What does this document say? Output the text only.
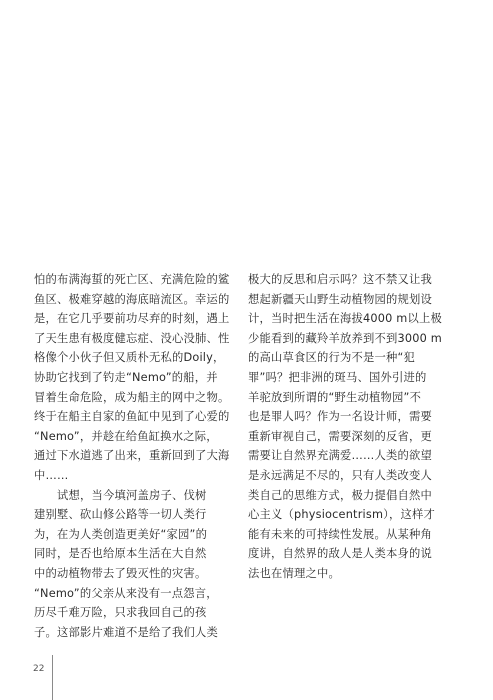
怕的布满海蜇的死亡区、充满危险的鲨
鱼区、极难穿越的海底暗流区。幸运的
是，在它几乎要前功尽弃的时刻，遇上
了天生患有极度健忘症、没心没肺、性
格像个小伙子但又质朴无私的Doily，
协助它找到了钓走“Nemo”的船，并
冒着生命危险，成为船主的网中之物。
终于在船主自家的鱼缸中见到了心爱的
“Nemo”，并趁在给鱼缸换水之际，
通过下水道逃了出来，重新回到了大海
中……
试想，当今填河盖房子、伐树
建别墅、砍山修公路等一切人类行
为，在为人类创造更美好“家园”的
同时，是否也给原本生活在大自然
中的动植物带去了毁灭性的灾害。
“Nemo”的父亲从来没有一点怨言，
历尽千难万险，只求我回自己的孩
子。这部影片难道不是给了我们人类
极大的反思和启示吗？这不禁又让我
想起新疆天山野生动植物园的规划设
计，当时把生活在海拔4000 m以上极
少能看到的藏羚羊放养到不到3000 m
的高山草食区的行为不是一种“犯
罪”吗？把非洲的斑马、国外引进的
羊驼放到所谓的“野生动植物园”不
也是罪人吗？作为一名设计师，需要
重新审视自己，需要深刻的反省，更
需要让自然界充满爱……人类的欲望
是永远满足不尽的，只有人类改变人
类自己的思维方式，极力提倡自然中
心主义（physiocentrism），这样才
能有未来的可持续性发展。从某种角
度讲，自然界的敌人是人类本身的说
法也在情理之中。
22
